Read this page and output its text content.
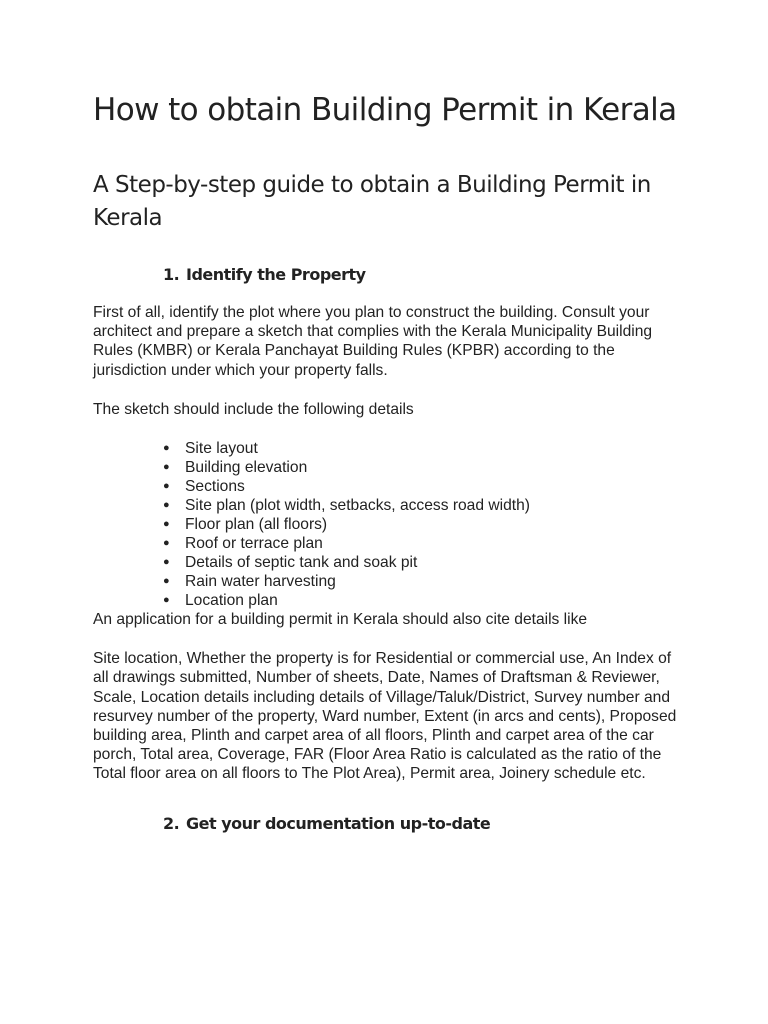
How to obtain Building Permit in Kerala
A Step-by-step guide to obtain a Building Permit in Kerala
1. Identify the Property

First of all, identify the plot where you plan to construct the building. Consult your architect and prepare a sketch that complies with the Kerala Municipality Building Rules (KMBR) or Kerala Panchayat Building Rules (KPBR) according to the jurisdiction under which your property falls.

The sketch should include the following details

● Site layout
● Building elevation
● Sections
● Site plan (plot width, setbacks, access road width)
● Floor plan (all floors)
● Roof or terrace plan
● Details of septic tank and soak pit
● Rain water harvesting
● Location plan

An application for a building permit in Kerala should also cite details like

Site location, Whether the property is for Residential or commercial use, An Index of all drawings submitted, Number of sheets, Date, Names of Draftsman & Reviewer, Scale, Location details including details of Village/Taluk/District, Survey number and resurvey number of the property, Ward number, Extent (in arcs and cents), Proposed building area, Plinth and carpet area of all floors, Plinth and carpet area of the car porch, Total area, Coverage, FAR (Floor Area Ratio is calculated as the ratio of the Total floor area on all floors to The Plot Area), Permit area, Joinery schedule etc.

2. Get your documentation up-to-date
